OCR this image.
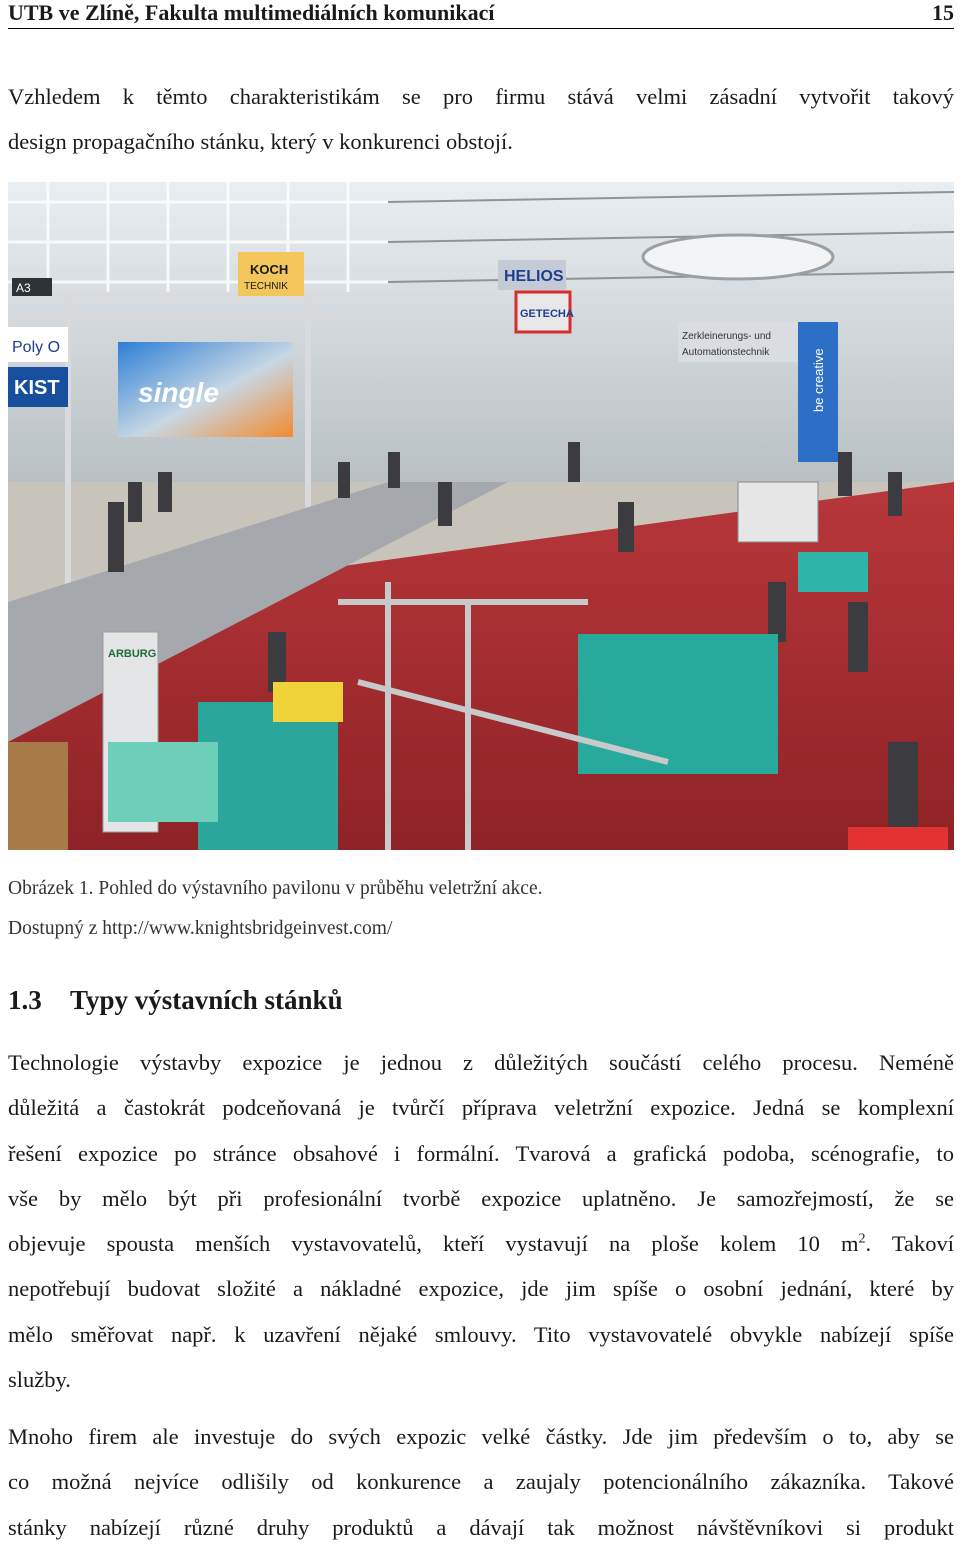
UTB ve Zlíně, Fakulta multimediálních komunikací	15

Vzhledem k těmto charakteristikám se pro firmu stává velmi zásadní vytvořit takový
design propagačního stánku, který v konkurenci obstojí.

single
Poly O
KIST
KOCH
TECHNIK
A3
HELIOS
GETECHA
Zerkleinerungs- und
Automationstechnik	be creative
ARBURG
Obrázek 1. Pohled do výstavního pavilonu v průběhu veletržní akce.
Dostupný z http://www.knightsbridgeinvest.com/
1.3 Typy výstavních stánků

Technologie výstavby expozice je jednou z důležitých součástí celého procesu. Neméně
důležitá a častokrát podceňovaná je tvůrčí příprava veletržní expozice. Jedná se komplexní
řešení expozice po stránce obsahové i formální. Tvarová a grafická podoba, scénografie, to
vše by mělo být při profesionální tvorbě expozice uplatněno. Je samozřejmostí, že se
objevuje spousta menších vystavovatelů, kteří vystavují na ploše kolem 10 $m^2$. Takoví
nepotřebují budovat složité a nákladné expozice, jde jim spíše o osobní jednání, které by
mělo směřovat např. k uzavření nějaké smlouvy. Tito vystavovatelé obvykle nabízejí spíše
služby.

Mnoho firem ale investuje do svých expozic velké částky. Jde jim především o to, aby se
co možná nejvíce odlišily od konkurence a zaujaly potencionálního zákazníka. Takové
stánky nabízejí různé druhy produktů a dávají tak možnost návštěvníkovi si produkt
